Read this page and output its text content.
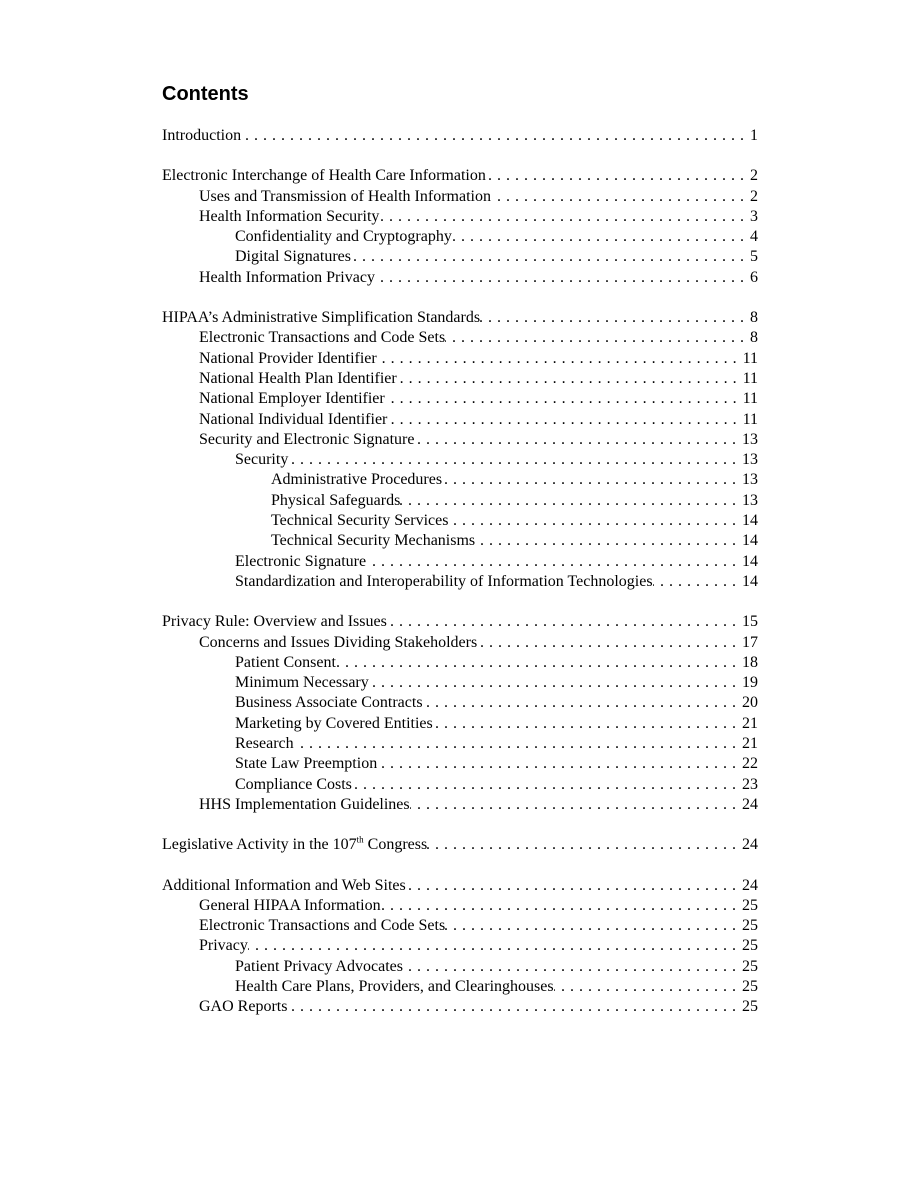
Contents
Introduction . . .	1
Electronic Interchange of Health Care Information . . .	2
Uses and Transmission of Health Information . . .	2
Health Information Security . . .	3
Confidentiality and Cryptography . . .	4
Digital Signatures . . .	5
Health Information Privacy . . .	6
HIPAA’s Administrative Simplification Standards . . .	8
Electronic Transactions and Code Sets . . .	8
National Provider Identifier . . .	11
National Health Plan Identifier . . .	11
National Employer Identifier . . .	11
National Individual Identifier . . .	11
Security and Electronic Signature . . .	13
Security . . .	13
Administrative Procedures . . .	13
Physical Safeguards . . .	13
Technical Security Services . . .	14
Technical Security Mechanisms . . .	14
Electronic Signature . . .	14
Standardization and Interoperability of Information Technologies . . .	14
Privacy Rule: Overview and Issues . . .	15
Concerns and Issues Dividing Stakeholders . . .	17
Patient Consent . . .	18
Minimum Necessary . . .	19
Business Associate Contracts . . .	20
Marketing by Covered Entities . . .	21
Research . . .	21
State Law Preemption . . .	22
Compliance Costs . . .	23
HHS Implementation Guidelines . . .	24
Legislative Activity in the 107th Congress . . .	24
Additional Information and Web Sites . . .	24
General HIPAA Information . . .	25
Electronic Transactions and Code Sets . . .	25
Privacy . . .	25
Patient Privacy Advocates . . .	25
Health Care Plans, Providers, and Clearinghouses . . .	25
GAO Reports . . .	25
